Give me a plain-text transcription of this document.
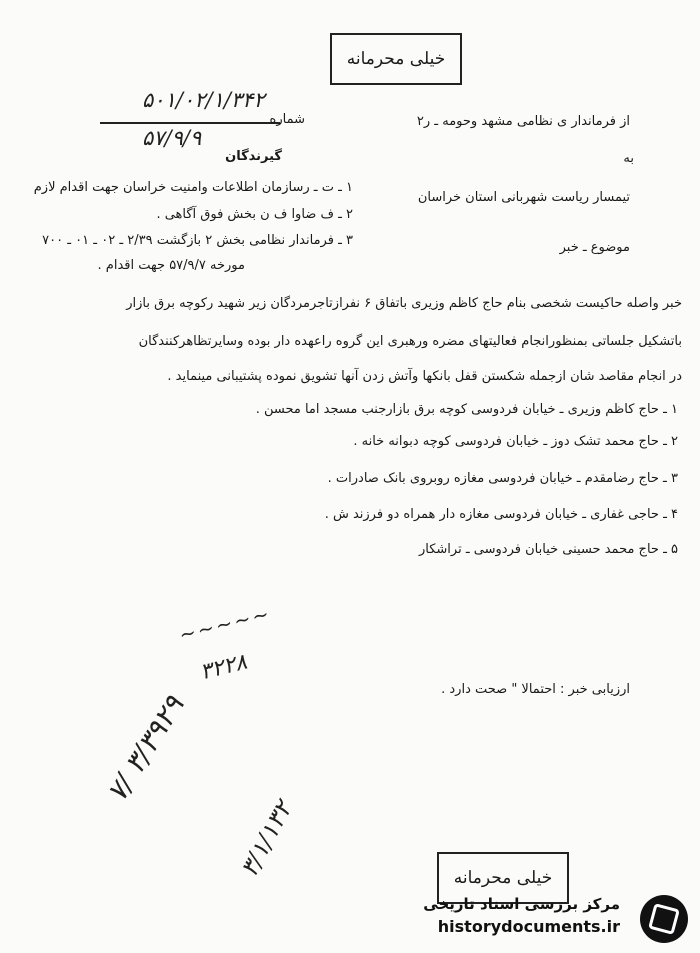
خیلی محرمانه
۵۰۱/۰۲/۱/۳۴۲
شماره
۵۷/۹/۹
از فرماندار ی نظامی مشهد وحومه ـ ر۲
به
تیمسار ریاست شهربانی استان خراسان
موضوع ـ خبر
گیرندگان
۱ ـ ت ـ رسازمان اطلاعات وامنیت خراسان جهت اقدام لازم
۲ ـ ف ضاوا ف ن بخش فوق آگاهی .
۳ ـ فرماندار نظامی بخش ۲ بازگشت ۲/۳۹ ـ ۰۲ ـ ۰۱ ـ ۷۰۰
مورخه ۵۷/۹/۷ جهت اقدام .
خبر واصله حاکیست شخصی بنام حاج کاظم وزیری باتفاق ۶ نفرازتاجرمردگان زیر شهید رکوچه برق بازار
باتشکیل جلساتی بمنظورانجام فعالیتهای مضره ورهبری این گروه راعهده دار بوده وسایرتظاهرکنندگان
در انجام مقاصد شان ازجمله شکستن قفل بانکها وآتش زدن آنها تشویق نموده پشتیبانی مینماید .
۱ ـ حاج کاظم وزیری ـ خیابان فردوسی کوچه برق بازارجنب مسجد اما محسن .
۲ ـ حاج محمد تشک دوز ـ خیابان فردوسی کوچه دبوانه خانه .
۳ ـ حاج رضامقدم ـ خیابان فردوسی مغازه روبروی بانک صادرات .
۴ ـ حاجی غفاری ـ خیابان فردوسی مغازه دار همراه دو فرزند ش .
۵ ـ حاج محمد حسینی خیابان فردوسی ـ تراشکار
~~~~~
۳۲۲۸
ارزیابی خبر : احتمالا " صحت دارد .
۷/ ۳/۳۹۲۹
۳/۱/۱۳۲	خیلی محرمانه
مرکز بررسی اسناد تاریخی
historydocuments.ir
